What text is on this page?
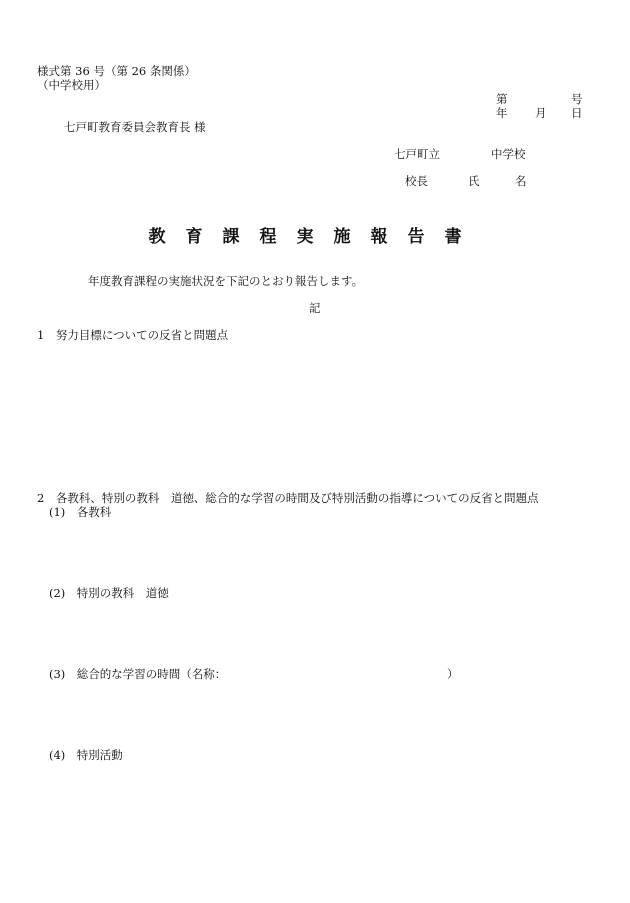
様式第 36 号（第 26 条関係）
（中学校用）
第	号
年 月 日
七戸町教育委員会教育長 様
七戸町立	中学校
校長	氏	名
教育課程実施報告書
年度教育課程の実施状況を下記のとおり報告します。
記
1　努力目標についての反省と問題点
2　各教科、特別の教科　道徳、総合的な学習の時間及び特別活動の指導についての反省と問題点
(1)　各教科
(2)　特別の教科　道徳
(3)　総合的な学習の時間（名称：	）
(4)　特別活動
